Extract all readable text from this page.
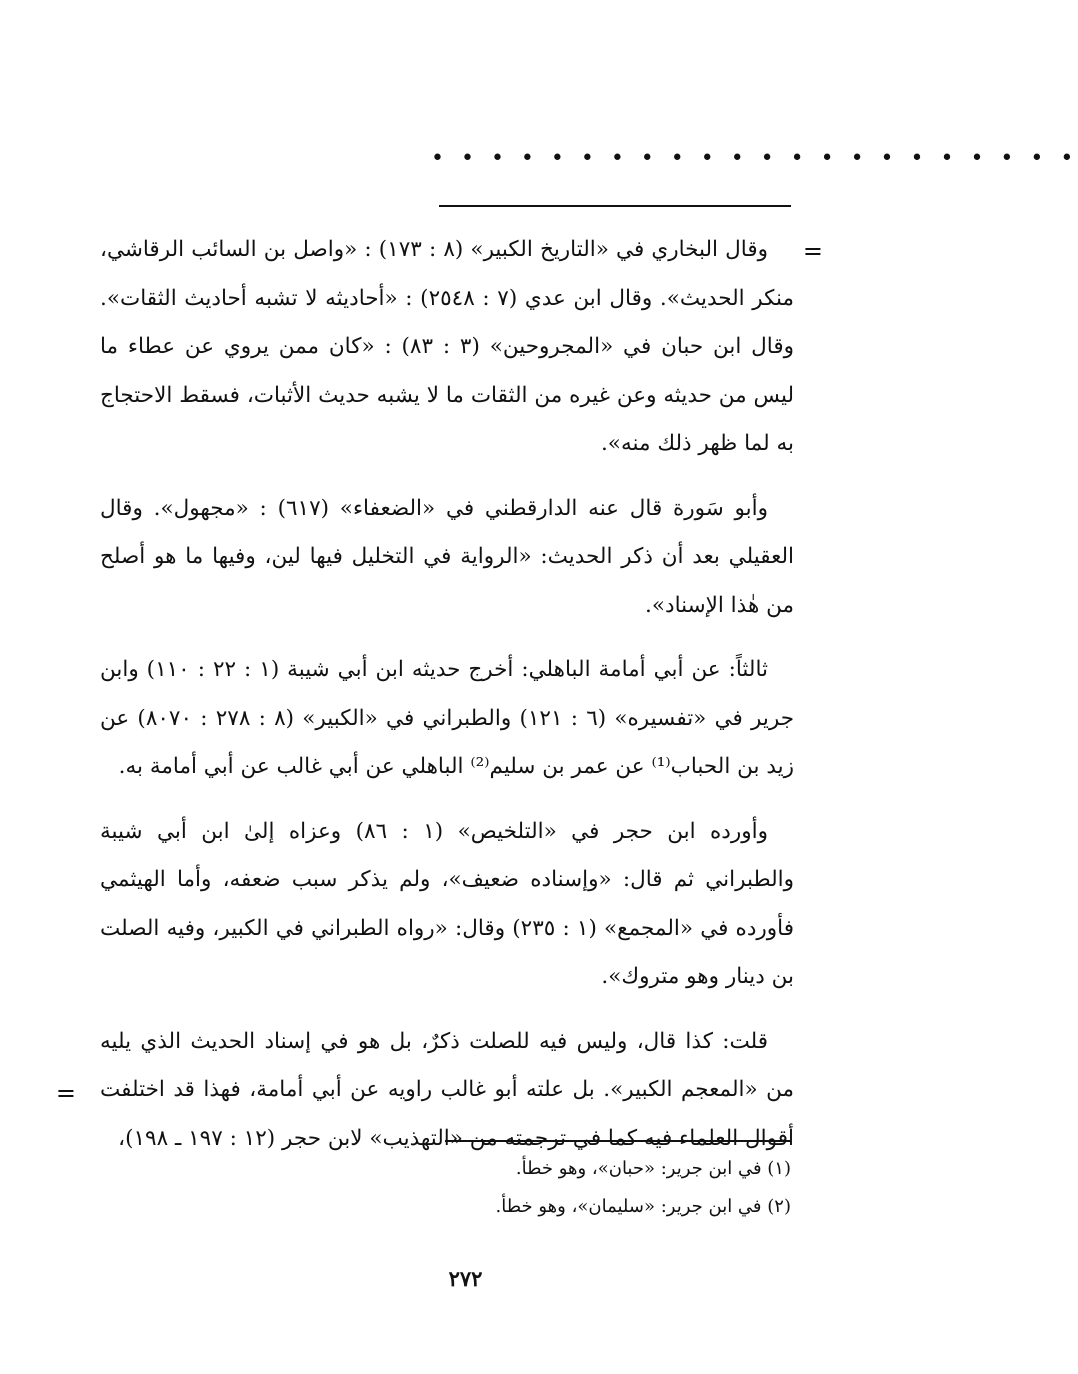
• • • • • • • • • • • • • • • • • • • • • •
=

وقال البخاري في «التاريخ الكبير» (٨ : ١٧٣) : «واصل بن السائب الرقاشي، منكر الحديث». وقال ابن عدي (٧ : ٢٥٤٨) : «أحاديثه لا تشبه أحاديث الثقات». وقال ابن حبان في «المجروحين» (٣ : ٨٣) : «كان ممن يروي عن عطاء ما ليس من حديثه وعن غيره من الثقات ما لا يشبه حديث الأثبات، فسقط الاحتجاج به لما ظهر ذلك منه».

وأبو سَورة قال عنه الدارقطني في «الضعفاء» (٦١٧) : «مجهول». وقال العقيلي بعد أن ذكر الحديث: «الرواية في التخليل فيها لين، وفيها ما هو أصلح من هٰذا الإسناد».

ثالثاً: عن أبي أمامة الباهلي: أخرج حديثه ابن أبي شيبة (١ : ٢٢ : ١١٠) وابن جرير في «تفسيره» (٦ : ١٢١) والطبراني في «الكبير» (٨ : ٢٧٨ : ٨٠٧٠) عن زيد بن الحباب⁽¹⁾ عن عمر بن سليم⁽²⁾ الباهلي عن أبي غالب عن أبي أمامة به.

وأورده ابن حجر في «التلخيص» (١ : ٨٦) وعزاه إلىٰ ابن أبي شيبة والطبراني ثم قال: «وإسناده ضعيف»، ولم يذكر سبب ضعفه، وأما الهيثمي فأورده في «المجمع» (١ : ٢٣٥) وقال: «رواه الطبراني في الكبير، وفيه الصلت بن دينار وهو متروك».

قلت: كذا قال، وليس فيه للصلت ذكرٌ، بل هو في إسناد الحديث الذي يليه من «المعجم الكبير». بل علته أبو غالب راويه عن أبي أمامة، فهذا قد اختلفت أقوال العلماء فيه كما في ترجمته من «التهذيب» لابن حجر (١٢ : ١٩٧ ـ ١٩٨)،

=

(١) في ابن جرير: «حبان»، وهو خطأ.

(٢) في ابن جرير: «سليمان»، وهو خطأ.

٢٧٢
